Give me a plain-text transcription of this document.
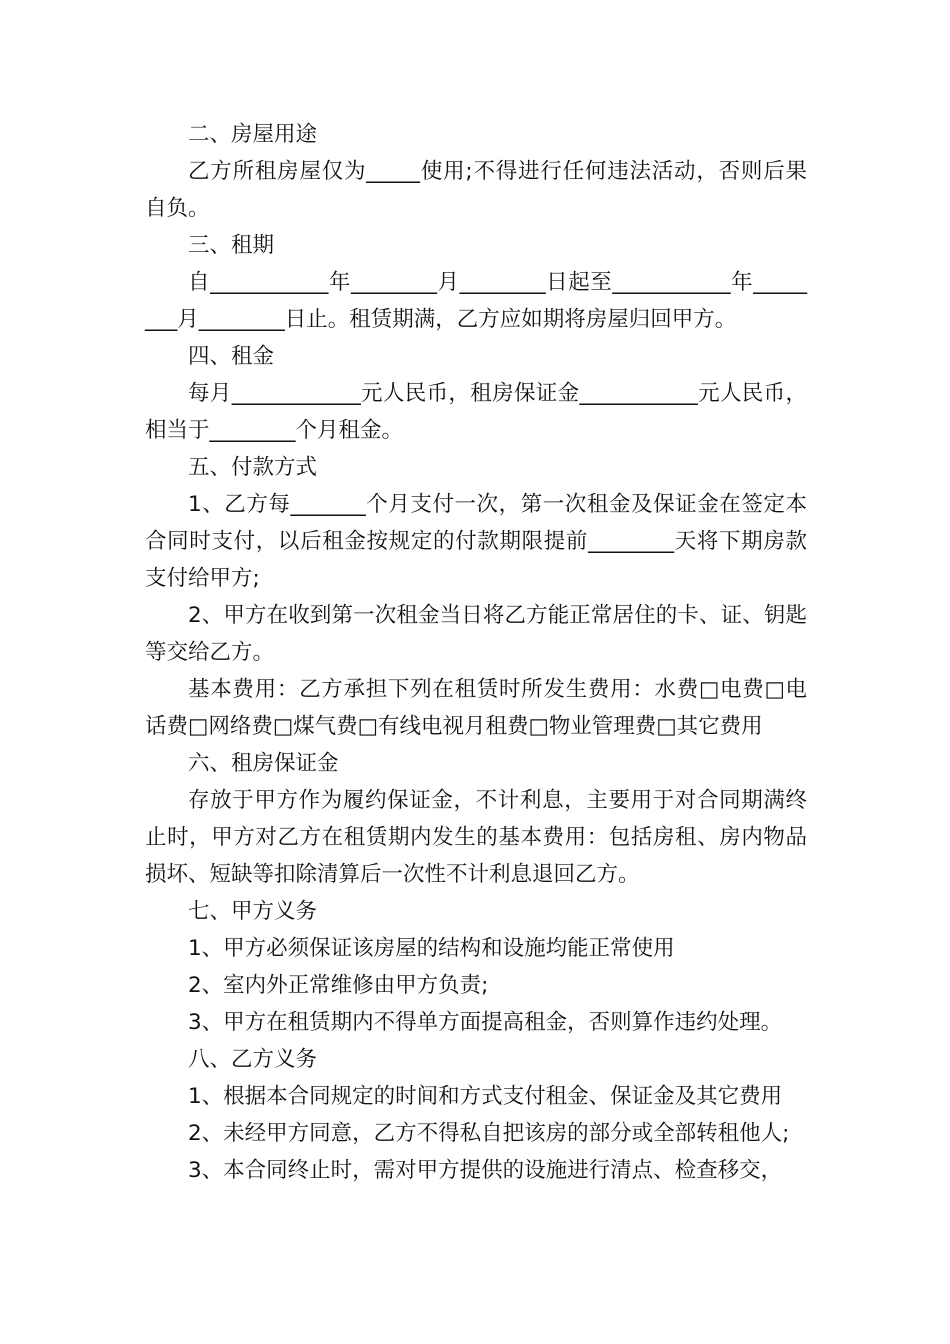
二、房屋用途

乙方所租房屋仅为_____使用;不得进行任何违法活动，否则后果自负。

三、租期

自___________年________月________日起至___________年________月________日止。租赁期满，乙方应如期将房屋归回甲方。

四、租金

每月____________元人民币，租房保证金___________元人民币，相当于________个月租金。

五、付款方式

1、乙方每_______个月支付一次，第一次租金及保证金在签定本合同时支付，以后租金按规定的付款期限提前________天将下期房款支付给甲方;

2、甲方在收到第一次租金当日将乙方能正常居住的卡、证、钥匙等交给乙方。

基本费用：乙方承担下列在租赁时所发生费用：水费□电费□电话费□网络费□煤气费□有线电视月租费□物业管理费□其它费用

六、租房保证金

存放于甲方作为履约保证金，不计利息，主要用于对合同期满终止时，甲方对乙方在租赁期内发生的基本费用：包括房租、房内物品损坏、短缺等扣除清算后一次性不计利息退回乙方。

七、甲方义务

1、甲方必须保证该房屋的结构和设施均能正常使用

2、室内外正常维修由甲方负责;

3、甲方在租赁期内不得单方面提高租金，否则算作违约处理。

八、乙方义务

1、根据本合同规定的时间和方式支付租金、保证金及其它费用

2、未经甲方同意，乙方不得私自把该房的部分或全部转租他人;

3、本合同终止时，需对甲方提供的设施进行清点、检查移交，
